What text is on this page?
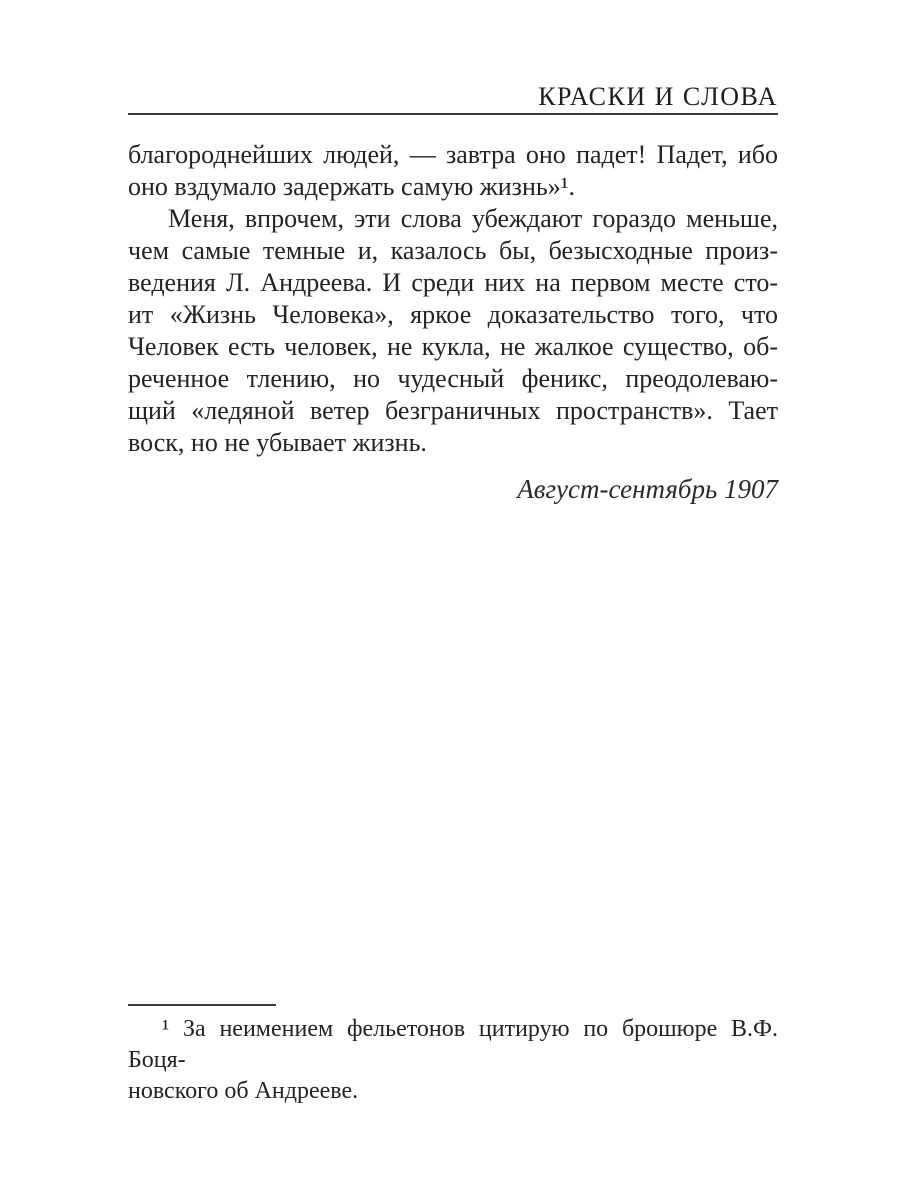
КРАСКИ И СЛОВА
благороднейших людей, — завтра оно падет! Падет, ибо
оно вздумало задержать самую жизнь»¹.
Меня, впрочем, эти слова убеждают гораздо меньше,
чем самые темные и, казалось бы, безысходные произ-
ведения Л. Андреева. И среди них на первом месте сто-
ит «Жизнь Человека», яркое доказательство того, что
Человек есть человек, не кукла, не жалкое существо, об-
реченное тлению, но чудесный феникс, преодолеваю-
щий «ледяной ветер безграничных пространств». Тает
воск, но не убывает жизнь.
Август-сентябрь 1907
¹ За неимением фельетонов цитирую по брошюре В.Ф. Боця-
новского об Андрееве.
